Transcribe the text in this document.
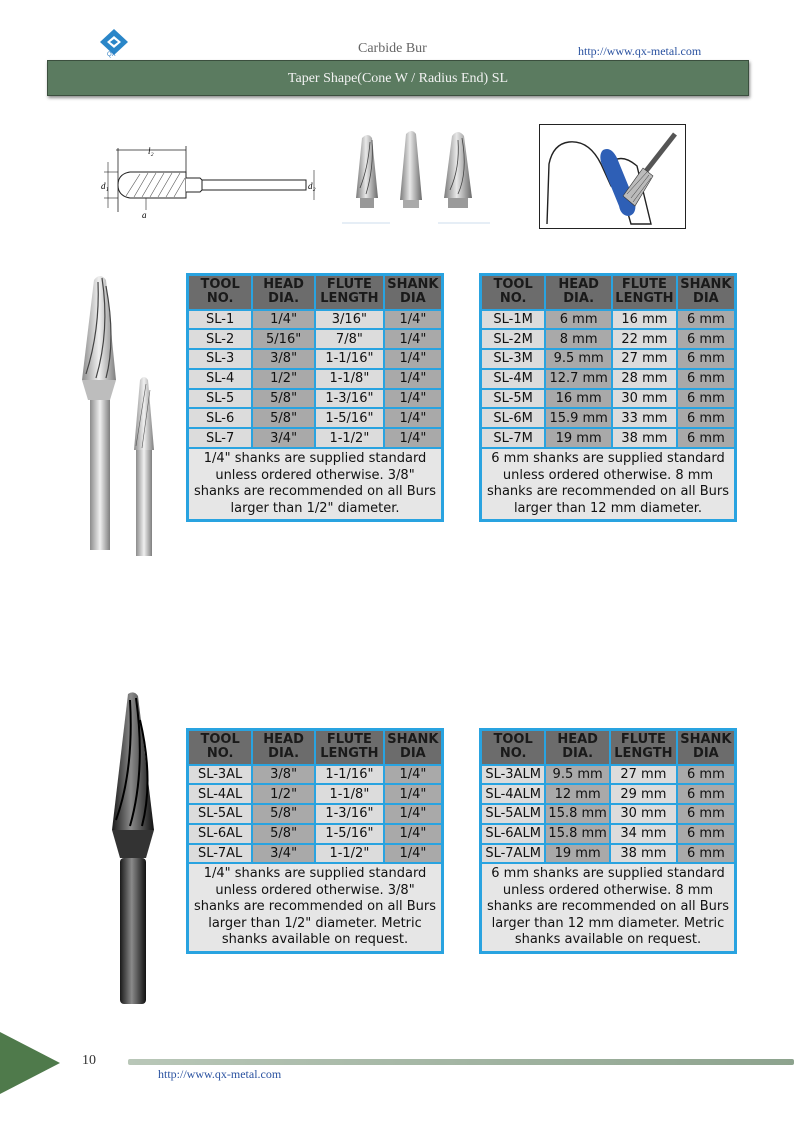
QX	Carbide Bur	http://www.qx-metal.com
Taper Shape(Cone W / Radius End) SL
l₂
d₁	d₂
a
TOOL NO.	HEAD DIA.	FLUTE LENGTH	SHANK DIA
SL-1	1/4"	3/16"	1/4"
SL-2	5/16"	7/8"	1/4"
SL-3	3/8"	1-1/16"	1/4"
SL-4	1/2"	1-1/8"	1/4"
SL-5	5/8"	1-3/16"	1/4"
SL-6	5/8"	1-5/16"	1/4"
SL-7	3/4"	1-1/2"	1/4"
1/4" shanks are supplied standard unless ordered otherwise. 3/8" shanks are recommended on all Burs larger than 1/2" diameter.			
TOOL NO.	HEAD DIA.	FLUTE LENGTH	SHANK DIA
SL-1M	6 mm	16 mm	6 mm
SL-2M	8 mm	22 mm	6 mm
SL-3M	9.5 mm	27 mm	6 mm
SL-4M	12.7 mm	28 mm	6 mm
SL-5M	16 mm	30 mm	6 mm
SL-6M	15.9 mm	33 mm	6 mm
SL-7M	19 mm	38 mm	6 mm
6 mm shanks are supplied standard unless ordered otherwise. 8 mm shanks are recommended on all Burs larger than 12 mm diameter.			
TOOL NO.	HEAD DIA.	FLUTE LENGTH	SHANK DIA
SL-3AL	3/8"	1-1/16"	1/4"
SL-4AL	1/2"	1-1/8"	1/4"
SL-5AL	5/8"	1-3/16"	1/4"
SL-6AL	5/8"	1-5/16"	1/4"
SL-7AL	3/4"	1-1/2"	1/4"
1/4" shanks are supplied standard unless ordered otherwise. 3/8" shanks are recommended on all Burs larger than 1/2" diameter. Metric shanks available on request.			
TOOL NO.	HEAD DIA.	FLUTE LENGTH	SHANK DIA
SL-3ALM	9.5 mm	27 mm	6 mm
SL-4ALM	12 mm	29 mm	6 mm
SL-5ALM	15.8 mm	30 mm	6 mm
SL-6ALM	15.8 mm	34 mm	6 mm
SL-7ALM	19 mm	38 mm	6 mm
6 mm shanks are supplied standard unless ordered otherwise. 8 mm shanks are recommended on all Burs larger than 12 mm diameter. Metric shanks available on request.			
10
http://www.qx-metal.com
